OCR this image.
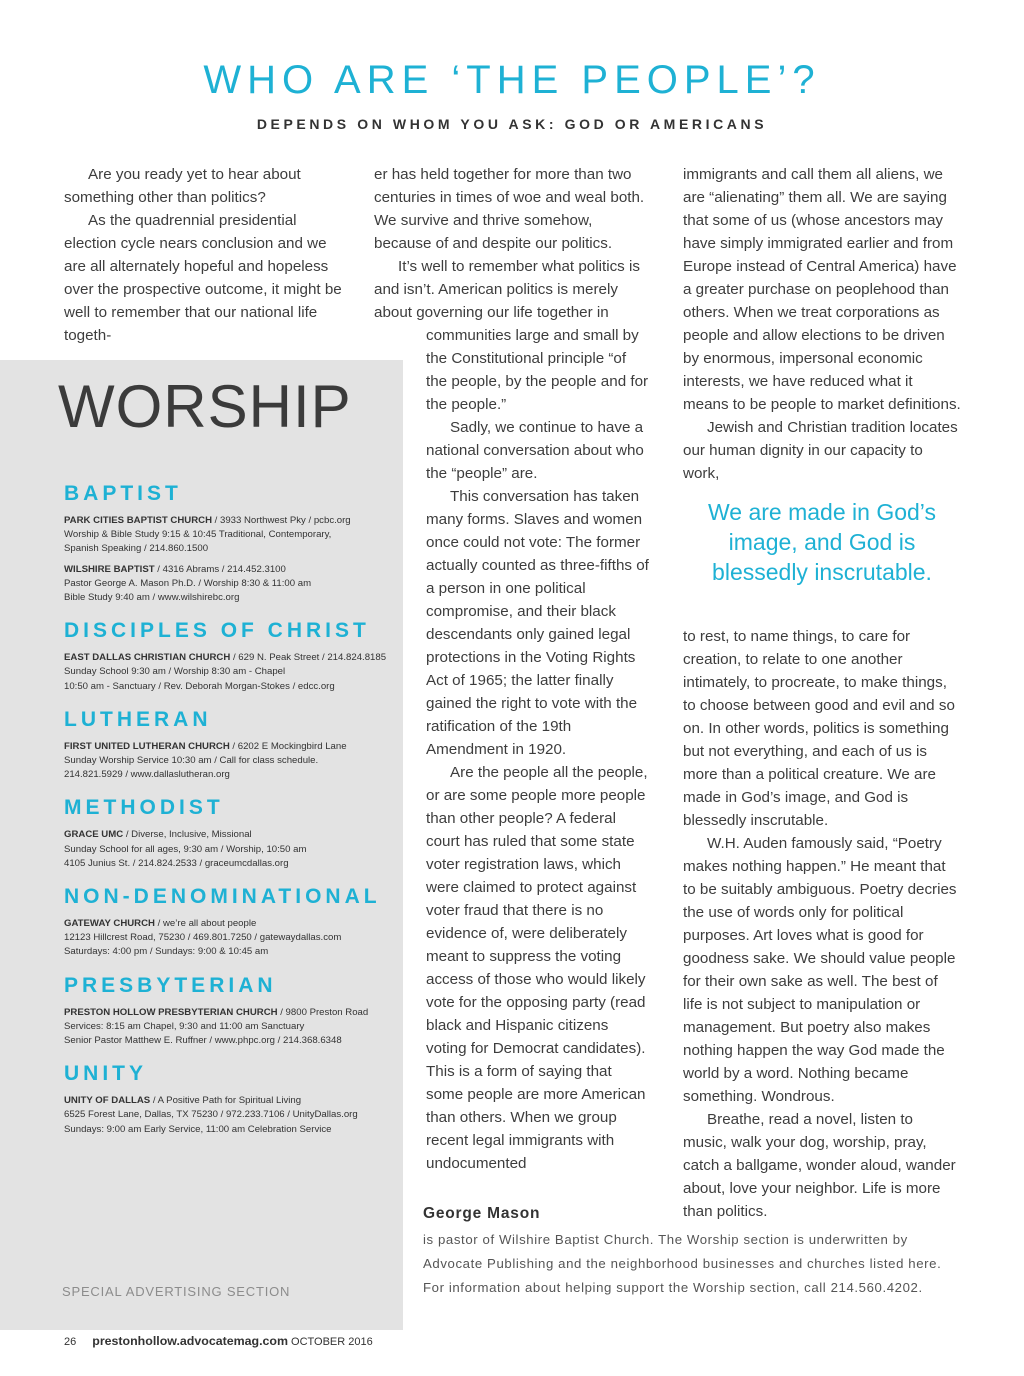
WHO ARE ‘THE PEOPLE’?
DEPENDS ON WHOM YOU ASK: GOD OR AMERICANS

Are you ready yet to hear about something other than politics?

As the quadrennial presidential election cycle nears conclusion and we are all alternately hopeful and hopeless over the prospective outcome, it might be well to remember that our national life togeth-

er has held together for more than two centuries in times of woe and weal both. We survive and thrive somehow, because of and despite our politics.

It’s well to remember what politics is and isn’t. American politics is merely about governing our life together in

communities large and small by the Constitutional principle “of the people, by the people and for the people.”

Sadly, we continue to have a national conversation about who the “people” are.

This conversation has taken many forms. Slaves and women once could not vote: The former actually counted as three-fifths of a person in one political compromise, and their black descendants only gained legal protections in the Voting Rights Act of 1965; the latter finally gained the right to vote with the ratification of the 19th Amendment in 1920.

Are the people all the people, or are some people more people than other people? A federal court has ruled that some state voter registration laws, which were claimed to protect against voter fraud that there is no evidence of, were deliberately meant to suppress the voting access of those who would likely vote for the opposing party (read black and Hispanic citizens voting for Democrat candidates). This is a form of saying that some people are more American than others. When we group recent legal immigrants with undocumented

immigrants and call them all aliens, we are “alienating” them all. We are saying that some of us (whose ancestors may have simply immigrated earlier and from Europe instead of Central America) have a greater purchase on peoplehood than others. When we treat corporations as people and allow elections to be driven by enormous, impersonal economic interests, we have reduced what it means to be people to market definitions.

Jewish and Christian tradition locates our human dignity in our capacity to work,

We are made in God’s image, and God is blessedly inscrutable.

to rest, to name things, to care for creation, to relate to one another intimately, to procreate, to make things, to choose between good and evil and so on. In other words, politics is something but not everything, and each of us is more than a political creature. We are made in God’s image, and God is blessedly inscrutable.

W.H. Auden famously said, “Poetry makes nothing happen.” He meant that to be suitably ambiguous. Poetry decries the use of words only for political purposes. Art loves what is good for goodness sake. We should value people for their own sake as well. The best of life is not subject to manipulation or management. But poetry also makes nothing happen the way God made the world by a word. Nothing became something. Wondrous.

Breathe, read a novel, listen to music, walk your dog, worship, pray, catch a ballgame, wonder aloud, wander about, love your neighbor. Life is more than politics.

WORSHIP
BAPTIST
PARK CITIES BAPTIST CHURCH / 3933 Northwest Pky / pcbc.org
Worship & Bible Study 9:15 & 10:45 Traditional, Contemporary,
Spanish Speaking / 214.860.1500
WILSHIRE BAPTIST / 4316 Abrams / 214.452.3100
Pastor George A. Mason Ph.D. / Worship 8:30 & 11:00 am
Bible Study 9:40 am / www.wilshirebc.org
DISCIPLES OF CHRIST
EAST DALLAS CHRISTIAN CHURCH / 629 N. Peak Street / 214.824.8185
Sunday School 9:30 am / Worship 8:30 am - Chapel
10:50 am - Sanctuary / Rev. Deborah Morgan-Stokes / edcc.org
LUTHERAN
FIRST UNITED LUTHERAN CHURCH / 6202 E Mockingbird Lane
Sunday Worship Service 10:30 am / Call for class schedule.
214.821.5929 / www.dallaslutheran.org
METHODIST
GRACE UMC / Diverse, Inclusive, Missional
Sunday School for all ages, 9:30 am / Worship, 10:50 am
4105 Junius St. / 214.824.2533 / graceumcdallas.org
NON-DENOMINATIONAL
GATEWAY CHURCH / we’re all about people
12123 Hillcrest Road, 75230 / 469.801.7250 / gatewaydallas.com
Saturdays: 4:00 pm / Sundays: 9:00 & 10:45 am
PRESBYTERIAN
PRESTON HOLLOW PRESBYTERIAN CHURCH / 9800 Preston Road
Services: 8:15 am Chapel, 9:30 and 11:00 am Sanctuary
Senior Pastor Matthew E. Ruffner / www.phpc.org / 214.368.6348
UNITY
UNITY OF DALLAS / A Positive Path for Spiritual Living
6525 Forest Lane, Dallas, TX 75230 / 972.233.7106 / UnityDallas.org
Sundays: 9:00 am Early Service, 11:00 am Celebration Service
SPECIAL ADVERTISING SECTION
George Mason
is pastor of Wilshire Baptist Church. The Worship section is underwritten by Advocate Publishing and the neighborhood businesses and churches listed here. For information about helping support the Worship section, call 214.560.4202.
26 prestonhollow.advocatemag.com OCTOBER 2016
